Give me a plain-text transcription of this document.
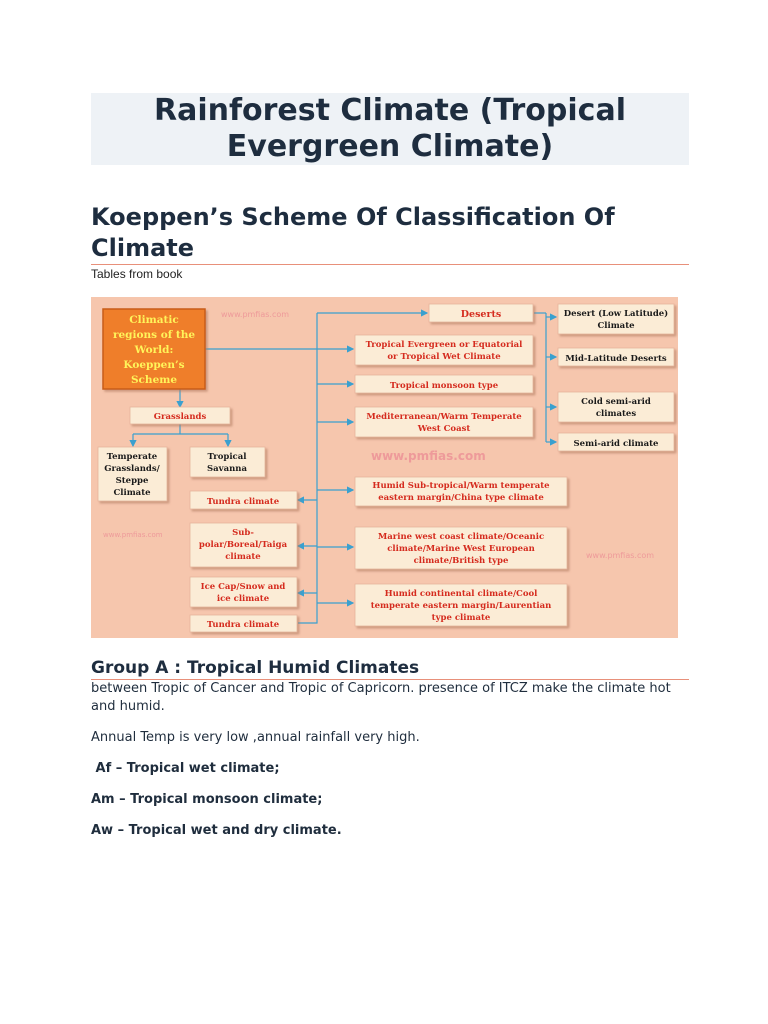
Rainforest Climate (Tropical Evergreen Climate)
Koeppen’s Scheme Of Classification Of Climate

Tables from book

www.pmfias.com
www.pmfias.com
www.pmfias.com
www.pmfias.com
Climatic
regions of the
World:
Koeppen’s
Scheme
Grasslands
Temperate
Grasslands/
Steppe
Climate
Tropical
Savanna
Tundra climate
Sub-
polar/Boreal/Taiga
climate
Ice Cap/Snow and
ice climate
Tundra climate
Deserts
Tropical Evergreen or Equatorial
or Tropical Wet Climate
Tropical monsoon type
Mediterranean/Warm Temperate
West Coast
Humid Sub-tropical/Warm temperate
eastern margin/China type climate
Marine west coast climate/Oceanic
climate/Marine West European
climate/British type
Humid continental climate/Cool
temperate eastern margin/Laurentian
type climate
Desert (Low Latitude)
Climate
Mid-Latitude Deserts
Cold semi-arid
climates
Semi-arid climate
Group A : Tropical Humid Climates

between Tropic of Cancer and Tropic of Capricorn. presence of ITCZ make the climate hot and humid.

Annual Temp is very low ,annual rainfall very high.

Af – Tropical wet climate;

Am – Tropical monsoon climate;

Aw – Tropical wet and dry climate.
